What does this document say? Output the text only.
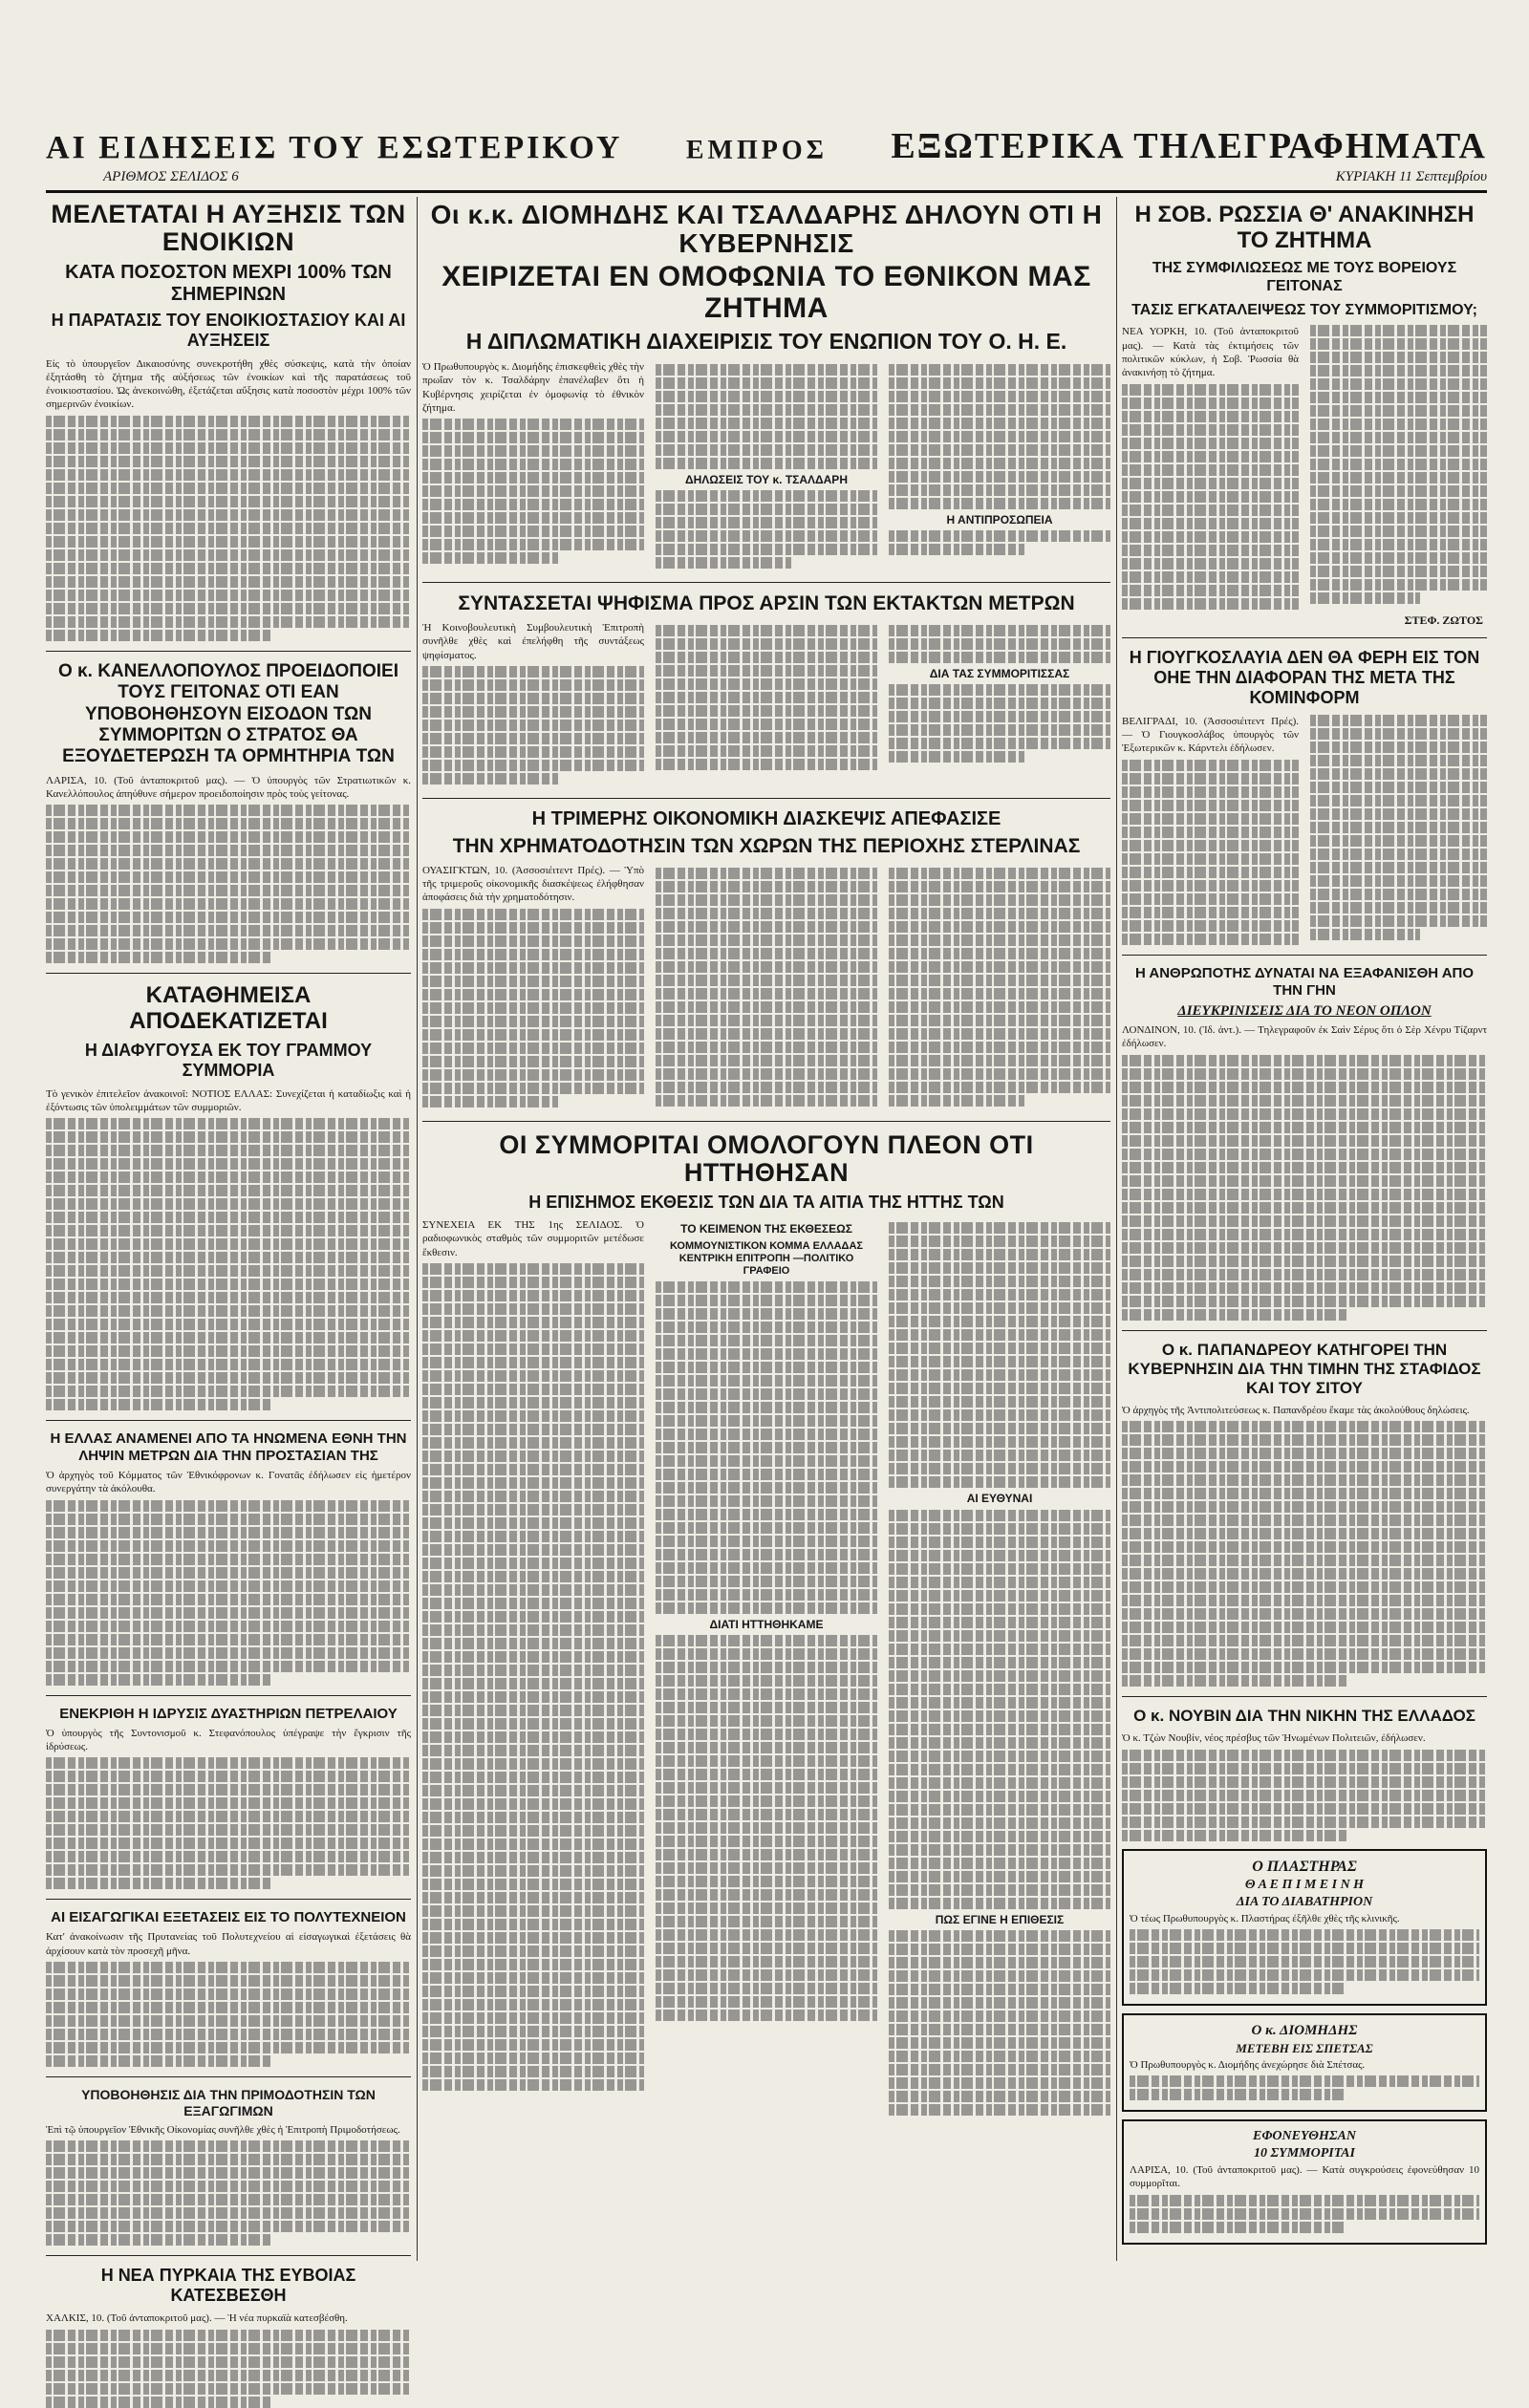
ΑΙ ΕΙΔΗΣΕΙΣ ΤΟΥ ΕΣΩΤΕΡΙΚΟΥ ΕΜΠΡΟΣ ΕΞΩΤΕΡΙΚΑ ΤΗΛΕΓΡΑΦΗΜΑΤΑ
ΑΡΙΘΜΟΣ ΣΕΛΙΔΟΣ 6	ΚΥΡΙΑΚΗ 11 Σεπτεμβρίου
ΜΕΛΕΤΑΤΑΙ Η ΑΥΞΗΣΙΣ ΤΩΝ ΕΝΟΙΚΙΩΝ
ΚΑΤΑ ΠΟΣΟΣΤΟΝ ΜΕΧΡΙ 100% ΤΩΝ ΣΗΜΕΡΙΝΩΝ
Η ΠΑΡΑΤΑΣΙΣ ΤΟΥ ΕΝΟΙΚΙΟΣΤΑΣΙΟΥ ΚΑΙ ΑΙ ΑΥΞΗΣΕΙΣ

Εἰς τὸ ὑπουργεῖον Δικαιοσύνης συνεκροτήθη χθὲς σύσκεψις, κατὰ τὴν ὁποίαν ἐξητάσθη τὸ ζήτημα τῆς αὐξήσεως τῶν ἐνοικίων καὶ τῆς παρατάσεως τοῦ ἐνοικιοστασίου. Ὡς ἀνεκοινώθη, ἐξετάζεται αὔξησις κατὰ ποσοστὸν μέχρι 100% τῶν σημερινῶν ἐνοικίων.

Ο κ. ΚΑΝΕΛΛΟΠΟΥΛΟΣ ΠΡΟΕΙΔΟΠΟΙΕΙ ΤΟΥΣ ΓΕΙΤΟΝΑΣ ΟΤΙ ΕΑΝ ΥΠΟΒΟΗΘΗΣΟΥΝ ΕΙΣΟΔΟΝ ΤΩΝ ΣΥΜΜΟΡΙΤΩΝ Ο ΣΤΡΑΤΟΣ ΘΑ ΕΞΟΥΔΕΤΕΡΩΣΗ ΤΑ ΟΡΜΗΤΗΡΙΑ ΤΩΝ

ΛΑΡΙΣΑ, 10. (Τοῦ ἀνταποκριτοῦ μας). — Ὁ ὑπουργὸς τῶν Στρατιωτικῶν κ. Κανελλόπουλος ἀπηύθυνε σήμερον προειδοποίησιν πρὸς τοὺς γείτονας.

ΚΑΤΑΘΗΜΕΙΣΑ ΑΠΟΔΕΚΑΤΙΖΕΤΑΙ
Η ΔΙΑΦΥΓΟΥΣΑ ΕΚ ΤΟΥ ΓΡΑΜΜΟΥ ΣΥΜΜΟΡΙΑ

Τὸ γενικὸν ἐπιτελεῖον ἀνακοινοῖ: ΝΟΤΙΟΣ ΕΛΛΑΣ: Συνεχίζεται ἡ καταδίωξις καὶ ἡ ἐξόντωσις τῶν ὑπολειμμάτων τῶν συμμοριῶν.

Η ΕΛΛΑΣ ΑΝΑΜΕΝΕΙ ΑΠΟ ΤΑ ΗΝΩΜΕΝΑ ΕΘΝΗ ΤΗΝ ΛΗΨΙΝ ΜΕΤΡΩΝ ΔΙΑ ΤΗΝ ΠΡΟΣΤΑΣΙΑΝ ΤΗΣ

Ὁ ἀρχηγὸς τοῦ Κόμματος τῶν Ἐθνικόφρονων κ. Γονατᾶς ἐδήλωσεν εἰς ἡμετέρον συνεργάτην τὰ ἀκόλουθα.

ΕΝΕΚΡΙΘΗ Η ΙΔΡΥΣΙΣ ΔΥΑΣΤΗΡΙΩΝ ΠΕΤΡΕΛΑΙΟΥ

Ὁ ὑπουργὸς τῆς Συντονισμοῦ κ. Στεφανόπουλος ὑπέγραψε τὴν ἔγκρισιν τῆς ἱδρύσεως.

ΑΙ ΕΙΣΑΓΩΓΙΚΑΙ ΕΞΕΤΑΣΕΙΣ ΕΙΣ ΤΟ ΠΟΛΥΤΕΧΝΕΙΟΝ

Κατ' ἀνακοίνωσιν τῆς Πρυτανείας τοῦ Πολυτεχνείου αἱ εἰσαγωγικαὶ ἐξετάσεις θὰ ἀρχίσουν κατὰ τὸν προσεχῆ μῆνα.

ΥΠΟΒΟΗΘΗΣΙΣ ΔΙΑ ΤΗΝ ΠΡΙΜΟΔΟΤΗΣΙΝ ΤΩΝ ΕΞΑΓΩΓΙΜΩΝ

Ἐπὶ τῷ ὑπουργεῖον Ἐθνικῆς Οἰκονομίας συνῆλθε χθὲς ἡ Ἐπιτροπὴ Πριμοδοτήσεως.

Η ΝΕΑ ΠΥΡΚΑΙΑ ΤΗΣ ΕΥΒΟΙΑΣ ΚΑΤΕΣΒΕΣΘΗ

ΧΑΛΚΙΣ, 10. (Τοῦ ἀνταποκριτοῦ μας). — Ἡ νέα πυρκαϊὰ κατεσβέσθη.

Οι κ.κ. ΔΙΟΜΗΔΗΣ ΚΑΙ ΤΣΑΛΔΑΡΗΣ ΔΗΛΟΥΝ ΟΤΙ Η ΚΥΒΕΡΝΗΣΙΣ
ΧΕΙΡΙΖΕΤΑΙ ΕΝ ΟΜΟΦΩΝΙΑ ΤΟ ΕΘΝΙΚΟΝ ΜΑΣ ΖΗΤΗΜΑ
Η ΔΙΠΛΩΜΑΤΙΚΗ ΔΙΑΧΕΙΡΙΣΙΣ ΤΟΥ ΕΝΩΠΙΟΝ ΤΟΥ Ο. Η. Ε.

Ὁ Πρωθυπουργὸς κ. Διομήδης ἐπισκεφθεὶς χθὲς τὴν πρωΐαν τὸν κ. Τσαλδάρην ἐπανέλαβεν ὅτι ἡ Κυβέρνησις χειρίζεται ἐν ὁμοφωνίᾳ τὸ ἐθνικὸν ζήτημα.

ΔΗΛΩΣΕΙΣ ΤΟΥ κ. ΤΣΑΛΔΑΡΗ
Η ΑΝΤΙΠΡΟΣΩΠΕΙΑ
ΣΥΝΤΑΣΣΕΤΑΙ ΨΗΦΙΣΜΑ ΠΡΟΣ ΑΡΣΙΝ ΤΩΝ ΕΚΤΑΚΤΩΝ ΜΕΤΡΩΝ

Ἡ Κοινοβουλευτικὴ Συμβουλευτικὴ Ἐπιτροπὴ συνῆλθε χθὲς καὶ ἐπελήφθη τῆς συντάξεως ψηφίσματος.

ΔΙΑ ΤΑΣ ΣΥΜΜΟΡΙΤΙΣΣΑΣ
Η ΤΡΙΜΕΡΗΣ ΟΙΚΟΝΟΜΙΚΗ ΔΙΑΣΚΕΨΙΣ ΑΠΕΦΑΣΙΣΕ
ΤΗΝ ΧΡΗΜΑΤΟΔΟΤΗΣΙΝ ΤΩΝ ΧΩΡΩΝ ΤΗΣ ΠΕΡΙΟΧΗΣ ΣΤΕΡΛΙΝΑΣ

ΟΥΑΣΙΓΚΤΩΝ, 10. (Ἀσσοσιέιτεντ Πρές). — Ὑπὸ τῆς τριμεροῦς οἰκονομικῆς διασκέψεως ἐλήφθησαν ἀποφάσεις διὰ τὴν χρηματοδότησιν.

ΟΙ ΣΥΜΜΟΡΙΤΑΙ ΟΜΟΛΟΓΟΥΝ ΠΛΕΟΝ ΟΤΙ ΗΤΤΗΘΗΣΑΝ
Η ΕΠΙΣΗΜΟΣ ΕΚΘΕΣΙΣ ΤΩΝ ΔΙΑ ΤΑ ΑΙΤΙΑ ΤΗΣ ΗΤΤΗΣ ΤΩΝ

ΣΥΝΕΧΕΙΑ ΕΚ ΤΗΣ 1ης ΣΕΛΙΔΟΣ. Ὁ ραδιοφωνικὸς σταθμὸς τῶν συμμοριτῶν μετέδωσε ἔκθεσιν.

ΤΟ ΚΕΙΜΕΝΟΝ ΤΗΣ ΕΚΘΕΣΕΩΣ
ΚΟΜΜΟΥΝΙΣΤΙΚΟΝ ΚΟΜΜΑ ΕΛΛΑΔΑΣ ΚΕΝΤΡΙΚΗ ΕΠΙΤΡΟΠΗ —ΠΟΛΙΤΙΚΟ ΓΡΑΦΕΙΟ
ΔΙΑΤΙ ΗΤΤΗΘΗΚΑΜΕ
ΑΙ ΕΥΘΥΝΑΙ
ΠΩΣ ΕΓΙΝΕ Η ΕΠΙΘΕΣΙΣ
Η ΣΟΒ. ΡΩΣΣΙΑ Θ' ΑΝΑΚΙΝΗΣΗ ΤΟ ΖΗΤΗΜΑ
ΤΗΣ ΣΥΜΦΙΛΙΩΣΕΩΣ ΜΕ ΤΟΥΣ ΒΟΡΕΙΟΥΣ ΓΕΙΤΟΝΑΣ
ΤΑΣΙΣ ΕΓΚΑΤΑΛΕΙΨΕΩΣ ΤΟΥ ΣΥΜΜΟΡΙΤΙΣΜΟΥ;

ΝΕΑ ΥΟΡΚΗ, 10. (Τοῦ ἀνταποκριτοῦ μας). — Κατὰ τὰς ἐκτιμήσεις τῶν πολιτικῶν κύκλων, ἡ Σοβ. Ῥωσσία θὰ ἀνακινήσῃ τὸ ζήτημα.

ΣΤΕΦ. ΖΩΤΟΣ
Η ΓΙΟΥΓΚΟΣΛΑΥΙΑ ΔΕΝ ΘΑ ΦΕΡΗ ΕΙΣ ΤΟΝ ΟΗΕ ΤΗΝ ΔΙΑΦΟΡΑΝ ΤΗΣ ΜΕΤΑ ΤΗΣ ΚΟΜΙΝΦΟΡΜ

ΒΕΛΙΓΡΑΔΙ, 10. (Ἀσσοσιέιτεντ Πρές). — Ὁ Γιουγκοσλάβος ὑπουργὸς τῶν Ἐξωτερικῶν κ. Κάρντελι ἐδήλωσεν.

Η ΑΝΘΡΩΠΟΤΗΣ ΔΥΝΑΤΑΙ ΝΑ ΕΞΑΦΑΝΙΣΘΗ ΑΠΟ ΤΗΝ ΓΗΝ
ΔΙΕΥΚΡΙΝΙΣΕΙΣ ΔΙΑ ΤΟ ΝΕΟΝ ΟΠΛΟΝ

ΛΟΝΔΙΝΟΝ, 10. (Ἰδ. ἀντ.). — Τηλεγραφοῦν ἐκ Σαὶν Σέρυς ὅτι ὁ Σὲρ Χένρυ Τίζαρντ ἐδήλωσεν.

Ο κ. ΠΑΠΑΝΔΡΕΟΥ ΚΑΤΗΓΟΡΕΙ ΤΗΝ ΚΥΒΕΡΝΗΣΙΝ ΔΙΑ ΤΗΝ ΤΙΜΗΝ ΤΗΣ ΣΤΑΦΙΔΟΣ ΚΑΙ ΤΟΥ ΣΙΤΟΥ

Ὁ ἀρχηγὸς τῆς Ἀντιπολιτεύσεως κ. Παπανδρέου ἔκαμε τὰς ἀκολούθους δηλώσεις.

Ο κ. ΝΟΥΒΙΝ ΔΙΑ ΤΗΝ ΝΙΚΗΝ ΤΗΣ ΕΛΛΑΔΟΣ

Ὁ κ. Τζὼν Νουβίν, νέος πρέσβυς τῶν Ἡνωμένων Πολιτειῶν, ἐδήλωσεν.

Ο ΠΛΑΣΤΗΡΑΣ
Θ Α Ε Π Ι Μ Ε Ι Ν Η
ΔΙΑ ΤΟ ΔΙΑΒΑΤΗΡΙΟΝ

Ὁ τέως Πρωθυπουργὸς κ. Πλαστήρας ἐξῆλθε χθὲς τῆς κλινικῆς.

Ο κ. ΔΙΟΜΗΔΗΣ
ΜΕΤΕΒΗ ΕΙΣ ΣΠΕΤΣΑΣ

Ὁ Πρωθυπουργὸς κ. Διομήδης ἀνεχώρησε διὰ Σπέτσας.

ΕΦΟΝΕΥΘΗΣΑΝ
10 ΣΥΜΜΟΡΙΤΑΙ

ΛΑΡΙΣΑ, 10. (Τοῦ ἀνταποκριτοῦ μας). — Κατὰ συγκρούσεις ἐφονεύθησαν 10 συμμορῖται.
